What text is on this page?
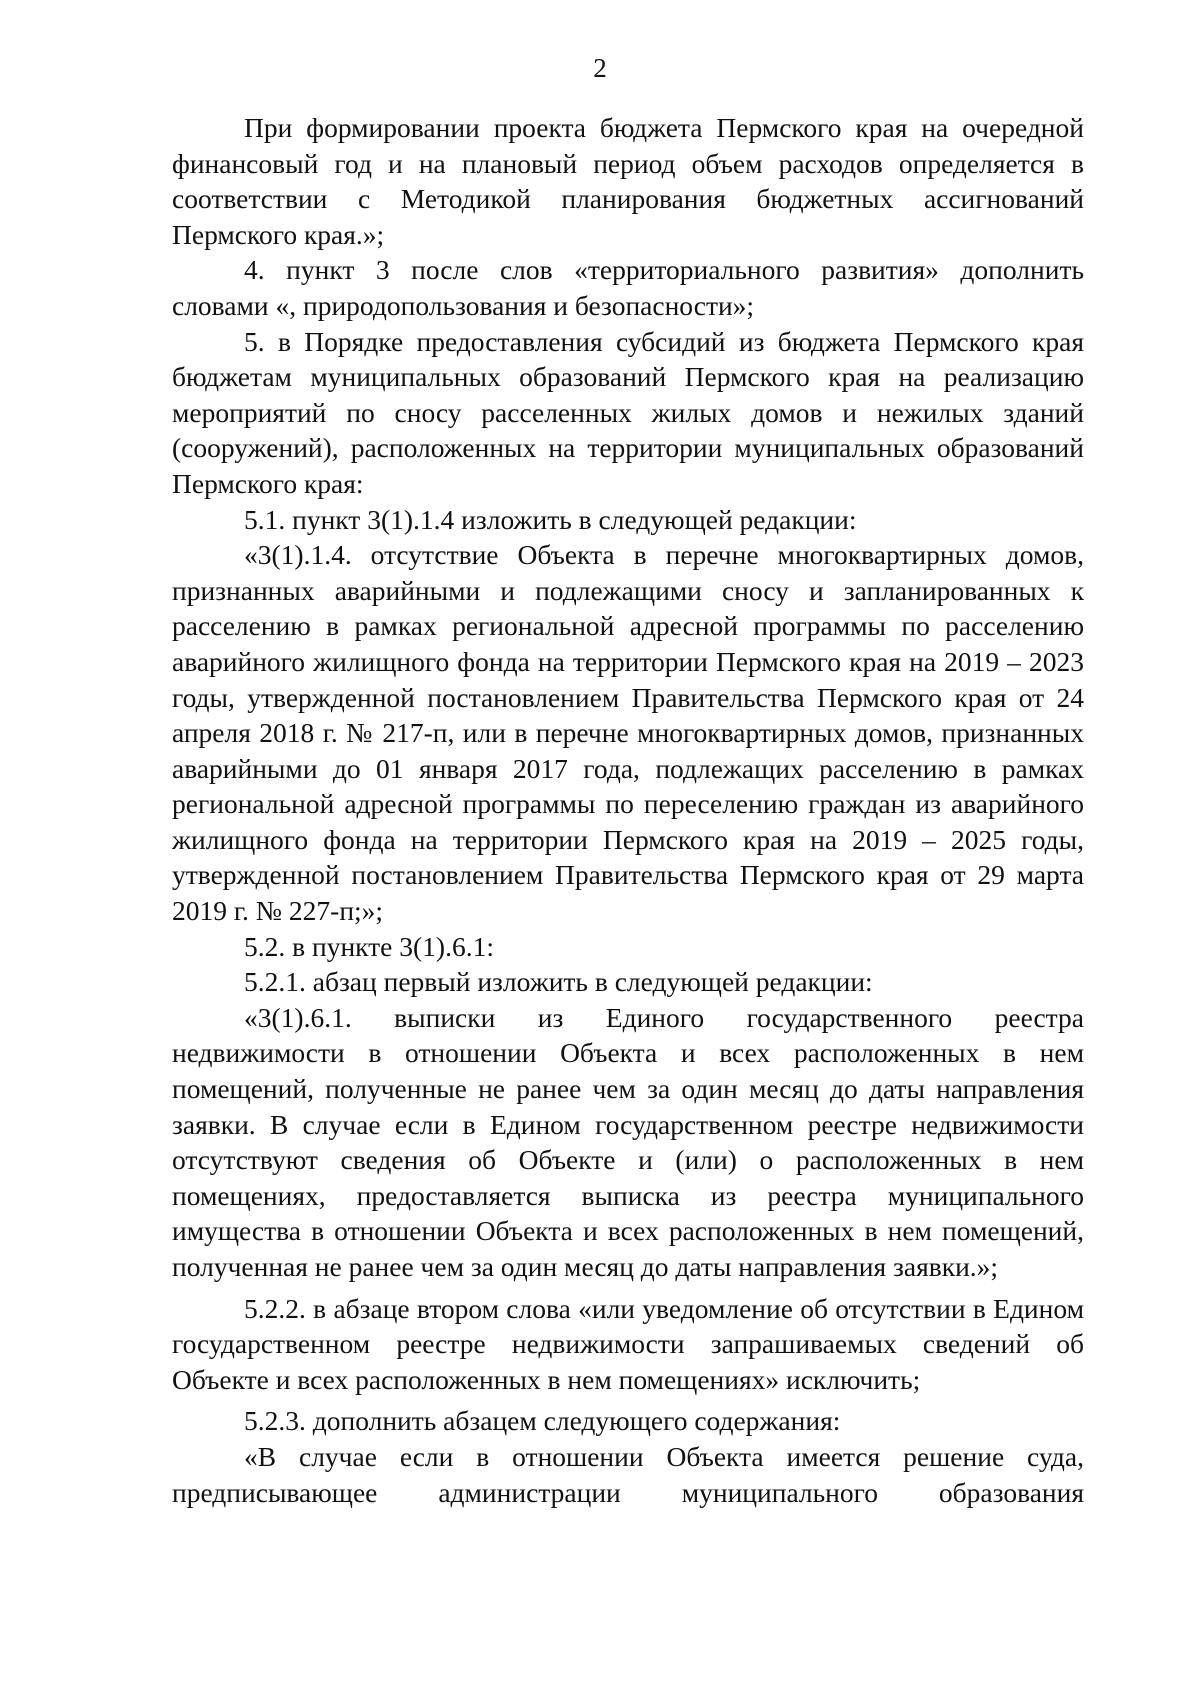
2

При формировании проекта бюджета Пермского края на очередной финансовый год и на плановый период объем расходов определяется в соответствии с Методикой планирования бюджетных ассигнований Пермского края.»;

4. пункт 3 после слов «территориального развития» дополнить словами «, природопользования и безопасности»;

5. в Порядке предоставления субсидий из бюджета Пермского края бюджетам муниципальных образований Пермского края на реализацию мероприятий по сносу расселенных жилых домов и нежилых зданий (сооружений), расположенных на территории муниципальных образований Пермского края:

5.1. пункт 3(1).1.4 изложить в следующей редакции:

«3(1).1.4. отсутствие Объекта в перечне многоквартирных домов, признанных аварийными и подлежащими сносу и запланированных к расселению в рамках региональной адресной программы по расселению аварийного жилищного фонда на территории Пермского края на 2019 – 2023 годы, утвержденной постановлением Правительства Пермского края от 24 апреля 2018 г. № 217-п, или в перечне многоквартирных домов, признанных аварийными до 01 января 2017 года, подлежащих расселению в рамках региональной адресной программы по переселению граждан из аварийного жилищного фонда на территории Пермского края на 2019 – 2025 годы, утвержденной постановлением Правительства Пермского края от 29 марта 2019 г. № 227-п;»;

5.2. в пункте 3(1).6.1:

5.2.1. абзац первый изложить в следующей редакции:

«3(1).6.1. выписки из Единого государственного реестра недвижимости в отношении Объекта и всех расположенных в нем помещений, полученные не ранее чем за один месяц до даты направления заявки. В случае если в Едином государственном реестре недвижимости отсутствуют сведения об Объекте и (или) о расположенных в нем помещениях, предоставляется выписка из реестра муниципального имущества в отношении Объекта и всех расположенных в нем помещений, полученная не ранее чем за один месяц до даты направления заявки.»;

5.2.2. в абзаце втором слова «или уведомление об отсутствии в Едином государственном реестре недвижимости запрашиваемых сведений об Объекте и всех расположенных в нем помещениях» исключить;

5.2.3. дополнить абзацем следующего содержания:

«В случае если в отношении Объекта имеется решение суда, предписывающее администрации муниципального образования
